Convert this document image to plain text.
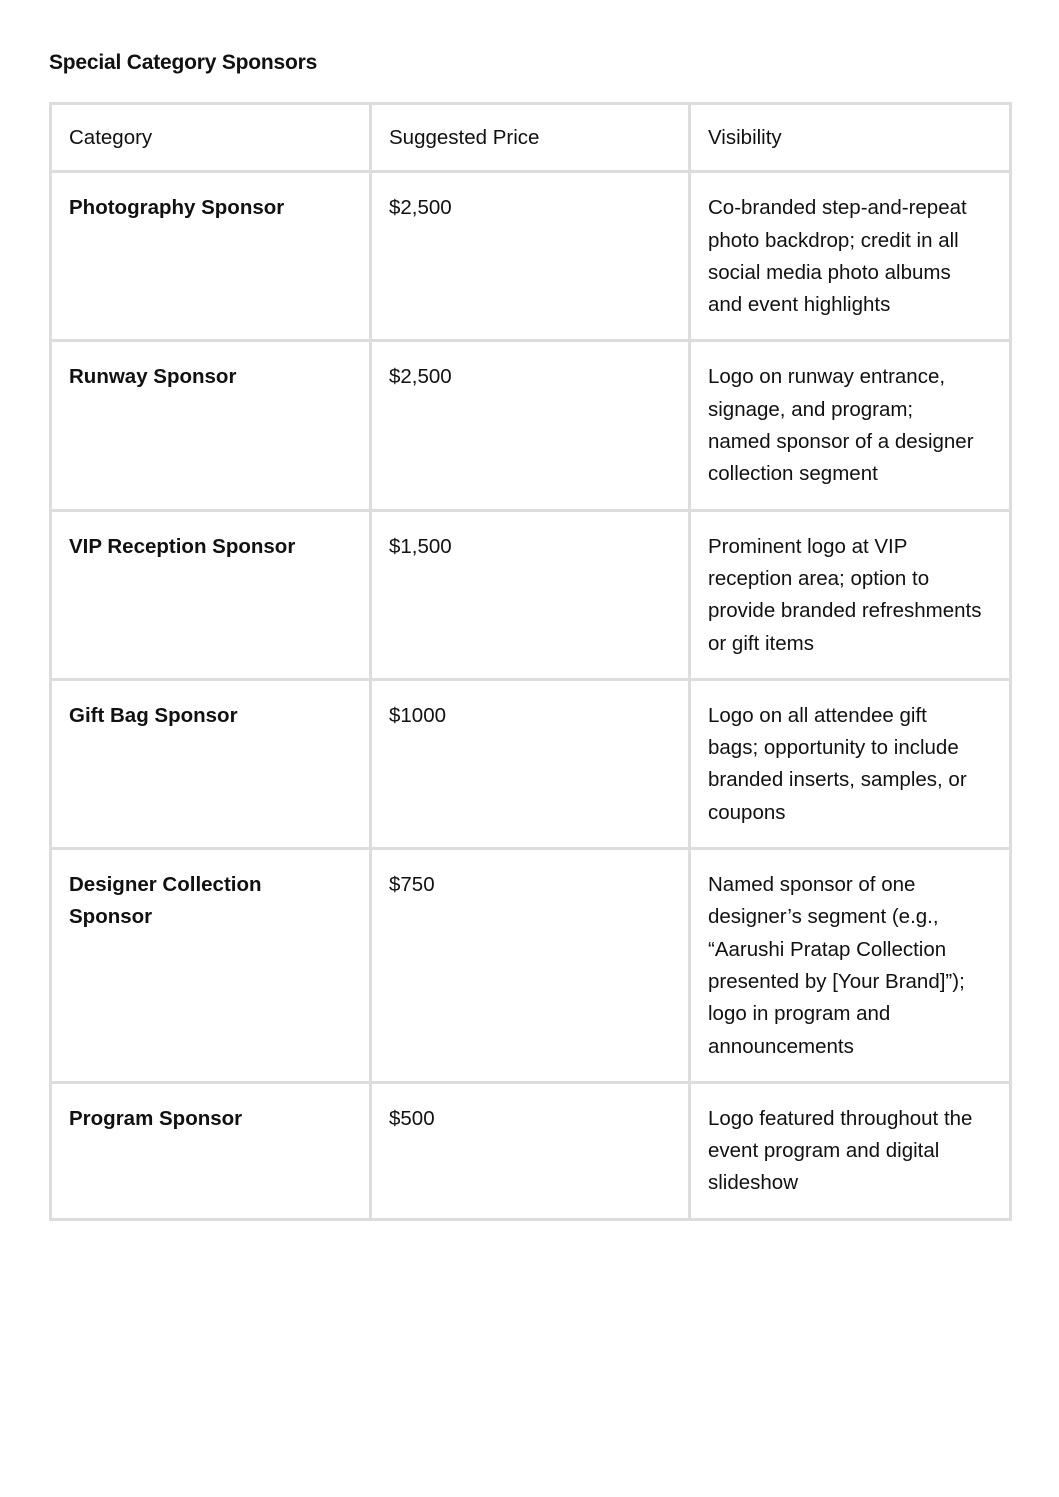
Special Category Sponsors
Category	Suggested Price	Visibility
Photography Sponsor	$2,500	Co-branded step-and-repeat photo backdrop; credit in all social media photo albums and event highlights
Runway Sponsor	$2,500	Logo on runway entrance, signage, and program; named sponsor of a designer collection segment
VIP Reception Sponsor	$1,500	Prominent logo at VIP reception area; option to provide branded refreshments or gift items
Gift Bag Sponsor	$1000	Logo on all attendee gift bags; opportunity to include branded inserts, samples, or coupons
Designer Collection Sponsor	$750	Named sponsor of one designer’s segment (e.g., “Aarushi Pratap Collection presented by [Your Brand]”); logo in program and announcements
Program Sponsor	$500	Logo featured throughout the event program and digital slideshow
